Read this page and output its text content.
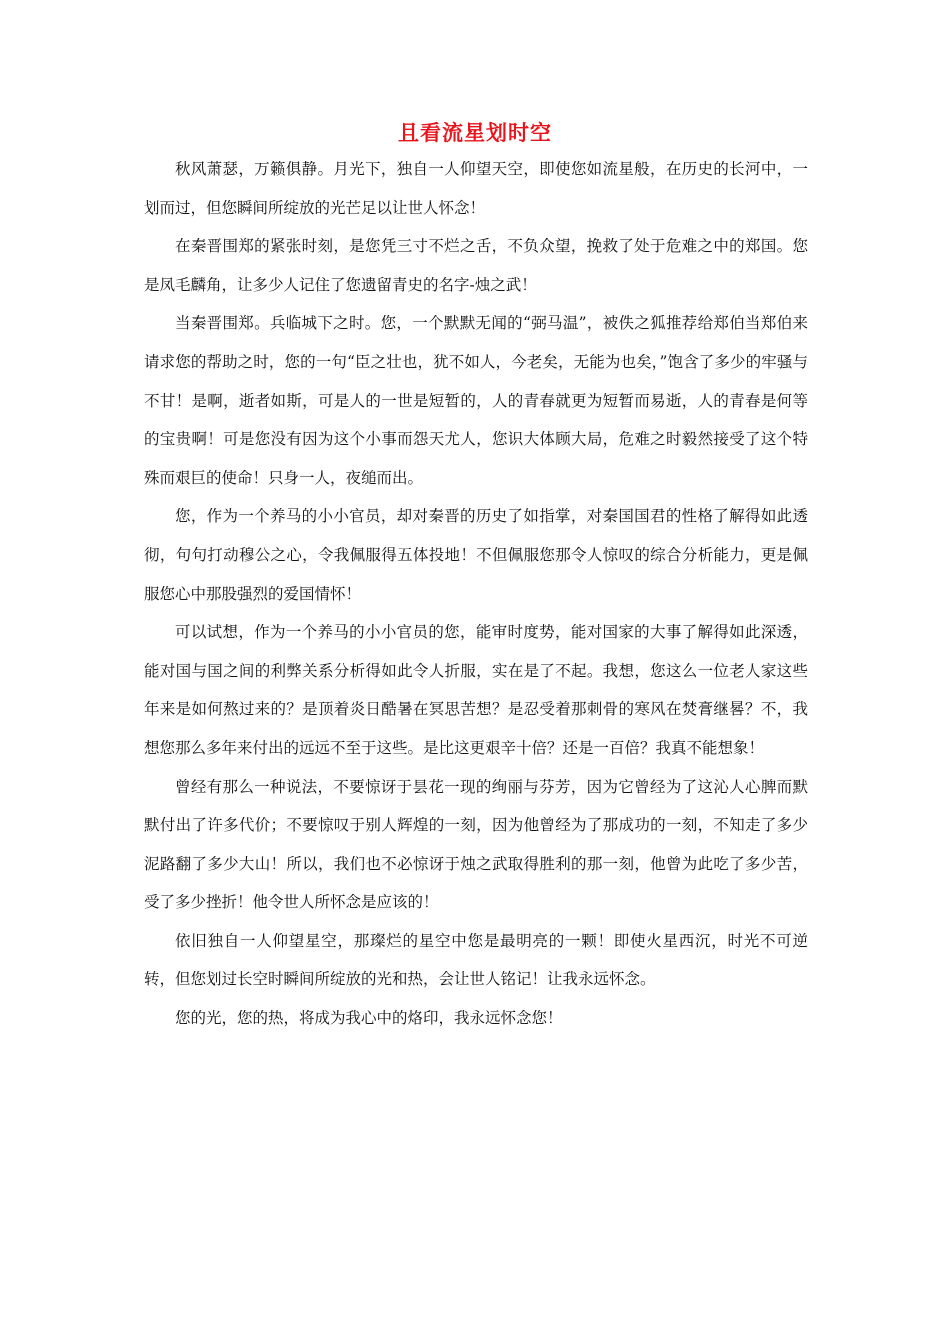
且看流星划时空

秋风萧瑟，万籁俱静。月光下，独自一人仰望天空，即使您如流星般，在历史的长河中，一划而过，但您瞬间所绽放的光芒足以让世人怀念！

在秦晋围郑的紧张时刻，是您凭三寸不烂之舌，不负众望，挽救了处于危难之中的郑国。您是凤毛麟角，让多少人记住了您遗留青史的名字-烛之武！

当秦晋围郑。兵临城下之时。您，一个默默无闻的“弼马温”，被佚之狐推荐给郑伯当郑伯来请求您的帮助之时，您的一句“臣之壮也，犹不如人，今老矣，无能为也矣，”饱含了多少的牢骚与不甘！是啊，逝者如斯，可是人的一世是短暂的，人的青春就更为短暂而易逝，人的青春是何等的宝贵啊！可是您没有因为这个小事而怨天尤人，您识大体顾大局，危难之时毅然接受了这个特殊而艰巨的使命！只身一人，夜缒而出。

您，作为一个养马的小小官员，却对秦晋的历史了如指掌，对秦国国君的性格了解得如此透彻，句句打动穆公之心，令我佩服得五体投地！不但佩服您那令人惊叹的综合分析能力，更是佩服您心中那股强烈的爱国情怀！

可以试想，作为一个养马的小小官员的您，能审时度势，能对国家的大事了解得如此深透，能对国与国之间的利弊关系分析得如此令人折服，实在是了不起。我想，您这么一位老人家这些年来是如何熬过来的？是顶着炎日酷暑在冥思苦想？是忍受着那刺骨的寒风在焚膏继晷？不，我想您那么多年来付出的远远不至于这些。是比这更艰辛十倍？还是一百倍？我真不能想象！

曾经有那么一种说法，不要惊讶于昙花一现的绚丽与芬芳，因为它曾经为了这沁人心脾而默默付出了许多代价；不要惊叹于别人辉煌的一刻，因为他曾经为了那成功的一刻，不知走了多少泥路翻了多少大山！所以，我们也不必惊讶于烛之武取得胜利的那一刻，他曾为此吃了多少苦，受了多少挫折！他令世人所怀念是应该的！

依旧独自一人仰望星空，那璨烂的星空中您是最明亮的一颗！即使火星西沉，时光不可逆转，但您划过长空时瞬间所绽放的光和热，会让世人铭记！让我永远怀念。

您的光，您的热，将成为我心中的烙印，我永远怀念您！
